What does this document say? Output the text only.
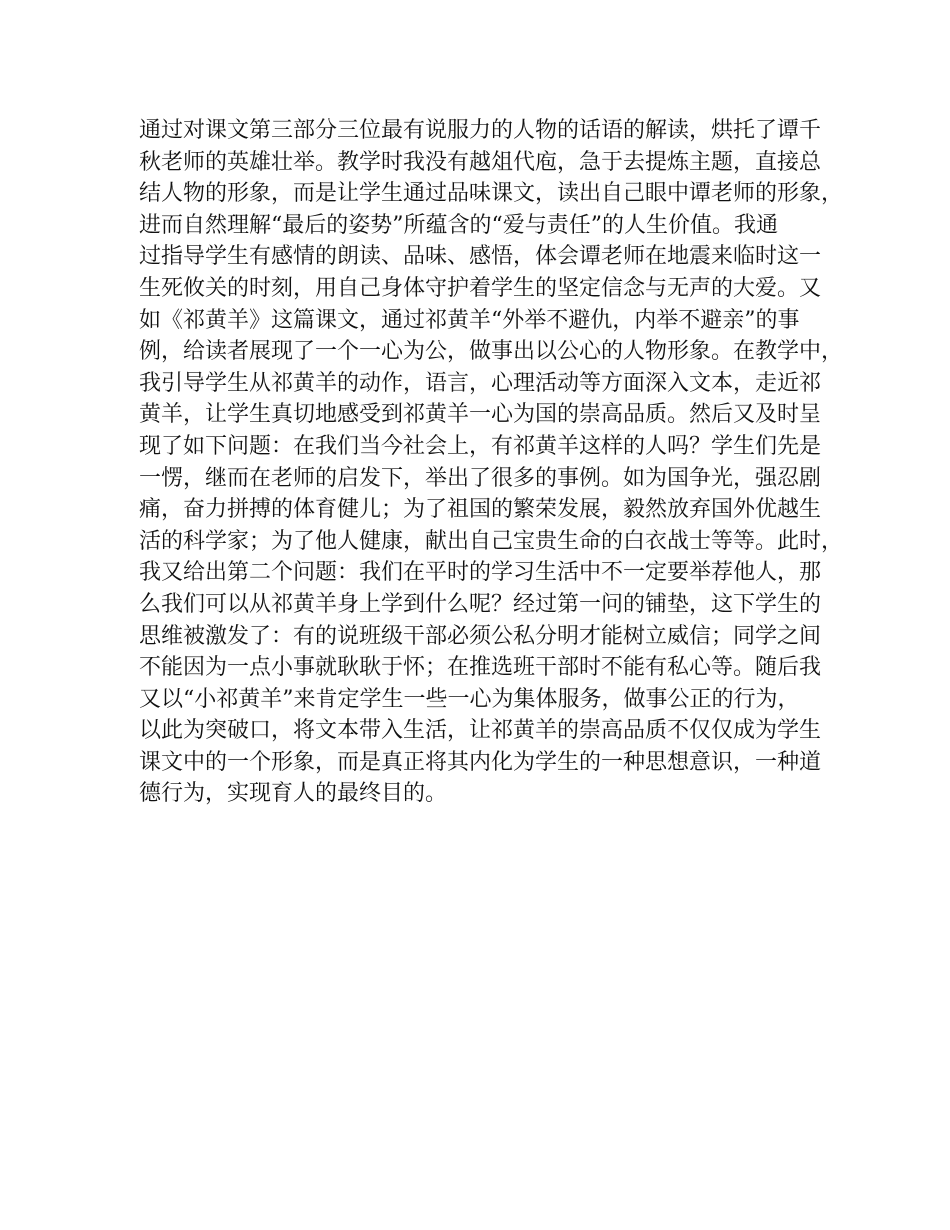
通过对课文第三部分三位最有说服力的人物的话语的解读，烘托了谭千
秋老师的英雄壮举。教学时我没有越俎代庖，急于去提炼主题，直接总
结人物的形象，而是让学生通过品味课文，读出自己眼中谭老师的形象，
进而自然理解“最后的姿势”所蕴含的“爱与责任”的人生价值。我通
过指导学生有感情的朗读、品味、感悟，体会谭老师在地震来临时这一
生死攸关的时刻，用自己身体守护着学生的坚定信念与无声的大爱。又
如《祁黄羊》这篇课文，通过祁黄羊“外举不避仇，内举不避亲”的事
例，给读者展现了一个一心为公，做事出以公心的人物形象。在教学中，
我引导学生从祁黄羊的动作，语言，心理活动等方面深入文本，走近祁
黄羊，让学生真切地感受到祁黄羊一心为国的崇高品质。然后又及时呈
现了如下问题：在我们当今社会上，有祁黄羊这样的人吗？学生们先是
一愣，继而在老师的启发下，举出了很多的事例。如为国争光，强忍剧
痛，奋力拼搏的体育健儿；为了祖国的繁荣发展，毅然放弃国外优越生
活的科学家；为了他人健康，献出自己宝贵生命的白衣战士等等。此时，
我又给出第二个问题：我们在平时的学习生活中不一定要举荐他人，那
么我们可以从祁黄羊身上学到什么呢？经过第一问的铺垫，这下学生的
思维被激发了：有的说班级干部必须公私分明才能树立威信；同学之间
不能因为一点小事就耿耿于怀；在推选班干部时不能有私心等。随后我
又以“小祁黄羊”来肯定学生一些一心为集体服务，做事公正的行为，
以此为突破口，将文本带入生活，让祁黄羊的崇高品质不仅仅成为学生
课文中的一个形象，而是真正将其内化为学生的一种思想意识，一种道
德行为，实现育人的最终目的。
